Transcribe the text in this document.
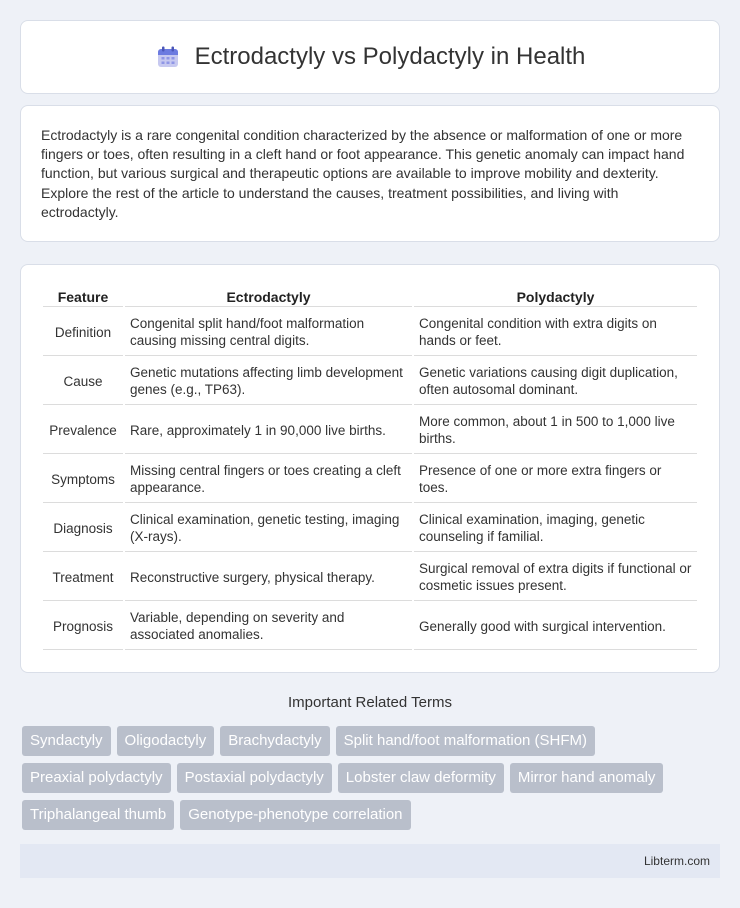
Ectrodactyly vs Polydactyly in Health

Ectrodactyly is a rare congenital condition characterized by the absence or malformation of one or more fingers or toes, often resulting in a cleft hand or foot appearance. This genetic anomaly can impact hand function, but various surgical and therapeutic options are available to improve mobility and dexterity. Explore the rest of the article to understand the causes, treatment possibilities, and living with ectrodactyly.

Feature	Ectrodactyly	Polydactyly
Definition	Congenital split hand/foot malformation causing missing central digits.	Congenital condition with extra digits on hands or feet.
Cause	Genetic mutations affecting limb development genes (e.g., TP63).	Genetic variations causing digit duplication, often autosomal dominant.
Prevalence	Rare, approximately 1 in 90,000 live births.	More common, about 1 in 500 to 1,000 live births.
Symptoms	Missing central fingers or toes creating a cleft appearance.	Presence of one or more extra fingers or toes.
Diagnosis	Clinical examination, genetic testing, imaging (X-rays).	Clinical examination, imaging, genetic counseling if familial.
Treatment	Reconstructive surgery, physical therapy.	Surgical removal of extra digits if functional or cosmetic issues present.
Prognosis	Variable, depending on severity and associated anomalies.	Generally good with surgical intervention.
Important Related Terms
Syndactyly	Oligodactyly	Brachydactyly	Split hand/foot malformation (SHFM)
Preaxial polydactyly	Postaxial polydactyly	Lobster claw deformity	Mirror hand anomaly
Triphalangeal thumb	Genotype-phenotype correlation
Libterm.com
